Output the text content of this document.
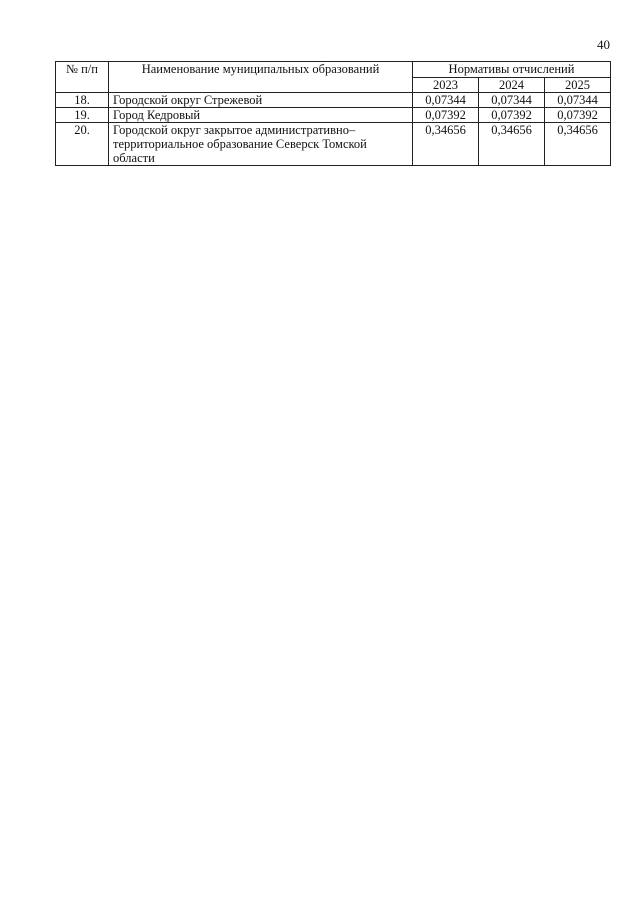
40
№ п/п	Наименование муниципальных образований	Нормативы отчислений		
		2023	2024	2025
18.	Городской округ Стрежевой	0,07344	0,07344	0,07344
19.	Город Кедровый	0,07392	0,07392	0,07392
20.	Городской округ закрытое административно–территориальное образование Северск Томской области	0,34656	0,34656	0,34656
